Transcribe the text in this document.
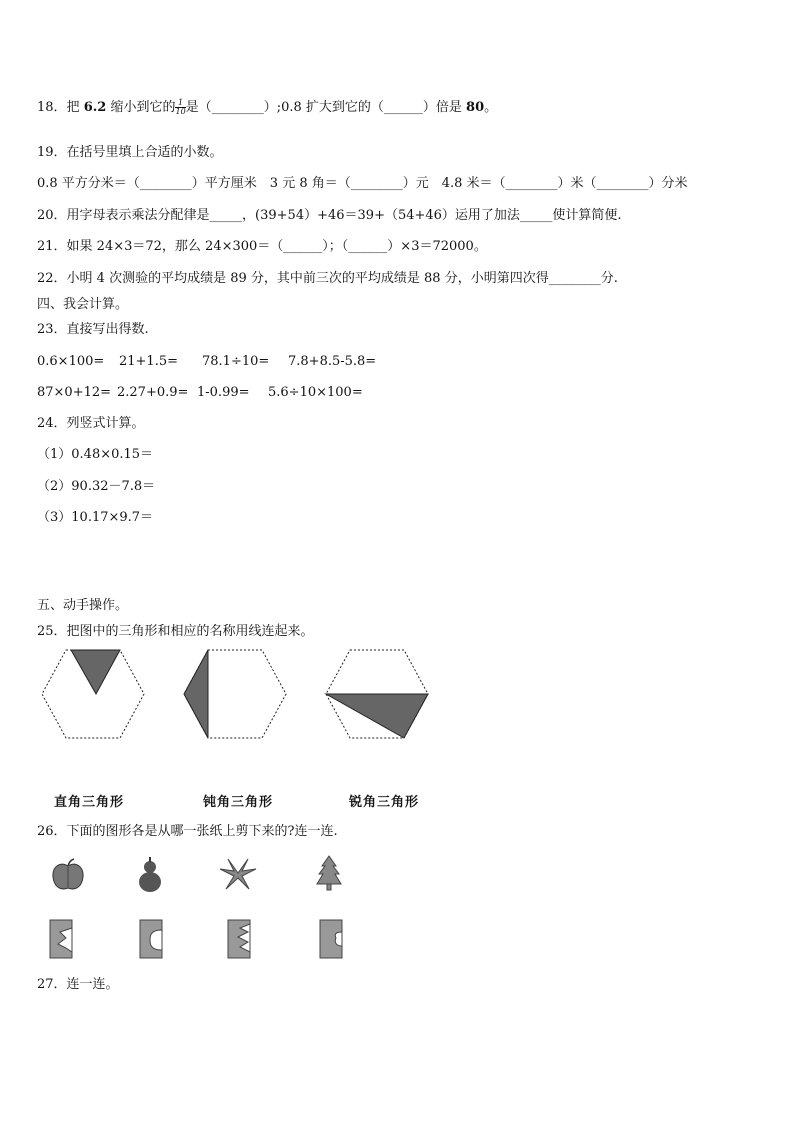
18．把 6.2 缩小到它的 $\frac{1}{10}$ 是（________）;0.8 扩大到它的（______）倍是 80。
19．在括号里填上合适的小数。
0.8 平方分米＝（________）平方厘米　3 元 8 角＝（________）元　4.8 米＝（________）米（________）分米
20．用字母表示乘法分配律是_____，(39+54）+46＝39+（54+46）运用了加法_____使计算简便.
21．如果 24×3＝72，那么 24×300＝（______）；（______）×3＝72000。
22．小明 4 次测验的平均成绩是 89 分，其中前三次的平均成绩是 88 分，小明第四次得________分.
四、我会计算。
23．直接写出得数.
0.6×100= 21+1.5= 78.1÷10= 7.8+8.5-5.8=
87×0+12= 2.27+0.9= 1-0.99= 5.6÷10×100=
24．列竖式计算。
（1）0.48×0.15＝
（2）90.32－7.8＝
（3）10.17×9.7＝
五、动手操作。
25．把图中的三角形和相应的名称用线连起来。
直角三角形	钝角三角形	锐角三角形
26．下面的图形各是从哪一张纸上剪下来的?连一连.
27．连一连。
